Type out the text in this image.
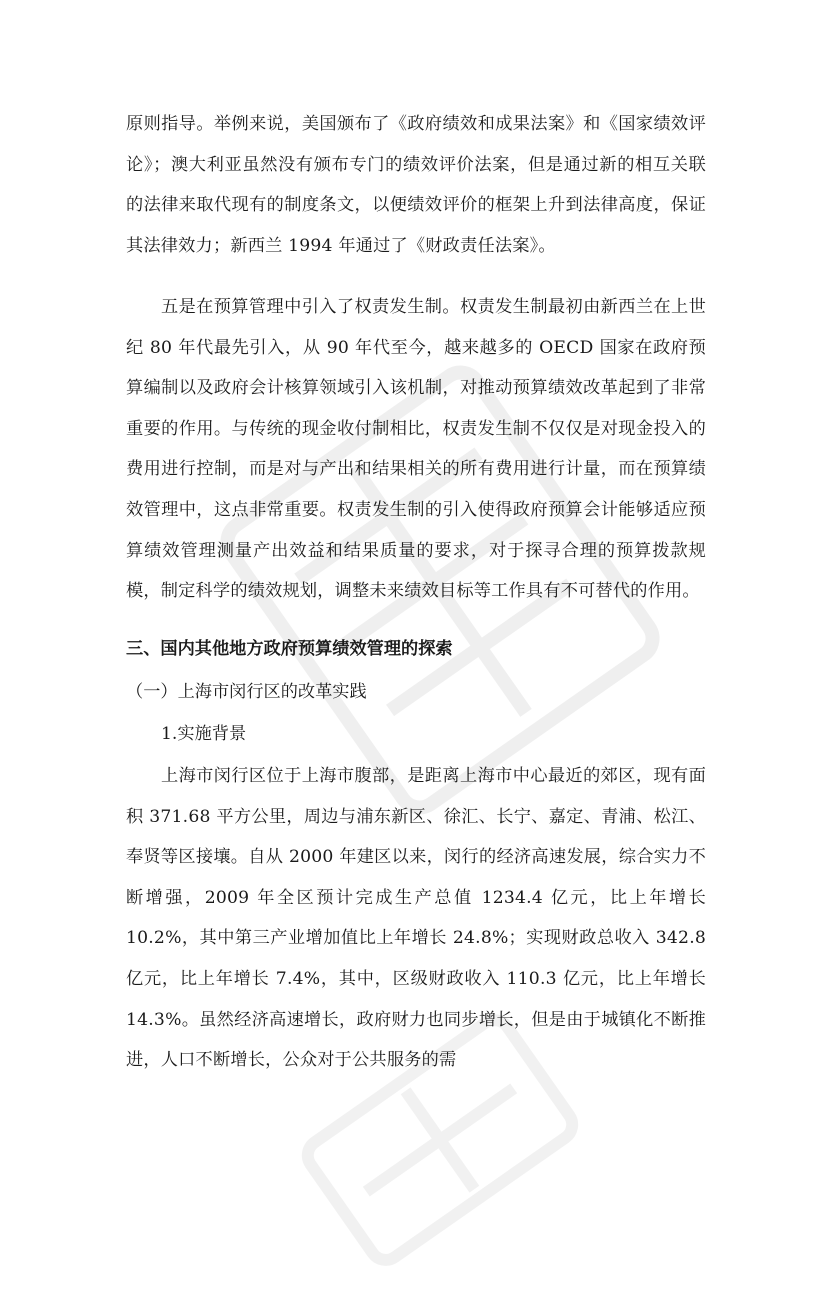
原则指导。举例来说，美国颁布了《政府绩效和成果法案》和《国家绩效评论》；澳大利亚虽然没有颁布专门的绩效评价法案，但是通过新的相互关联的法律来取代现有的制度条文，以便绩效评价的框架上升到法律高度，保证其法律效力；新西兰 1994 年通过了《财政责任法案》。

五是在预算管理中引入了权责发生制。权责发生制最初由新西兰在上世纪 80 年代最先引入，从 90 年代至今，越来越多的 OECD 国家在政府预算编制以及政府会计核算领域引入该机制，对推动预算绩效改革起到了非常重要的作用。与传统的现金收付制相比，权责发生制不仅仅是对现金投入的费用进行控制，而是对与产出和结果相关的所有费用进行计量，而在预算绩效管理中，这点非常重要。权责发生制的引入使得政府预算会计能够适应预算绩效管理测量产出效益和结果质量的要求，对于探寻合理的预算拨款规模，制定科学的绩效规划，调整未来绩效目标等工作具有不可替代的作用。

三、国内其他地方政府预算绩效管理的探索

（一）上海市闵行区的改革实践

1.实施背景

上海市闵行区位于上海市腹部，是距离上海市中心最近的郊区，现有面积 371.68 平方公里，周边与浦东新区、徐汇、长宁、嘉定、青浦、松江、奉贤等区接壤。自从 2000 年建区以来，闵行的经济高速发展，综合实力不断增强，2009 年全区预计完成生产总值 1234.4 亿元，比上年增长 10.2%，其中第三产业增加值比上年增长 24.8%；实现财政总收入 342.8 亿元，比上年增长 7.4%，其中，区级财政收入 110.3 亿元，比上年增长 14.3%。虽然经济高速增长，政府财力也同步增长，但是由于城镇化不断推进，人口不断增长，公众对于公共服务的需
